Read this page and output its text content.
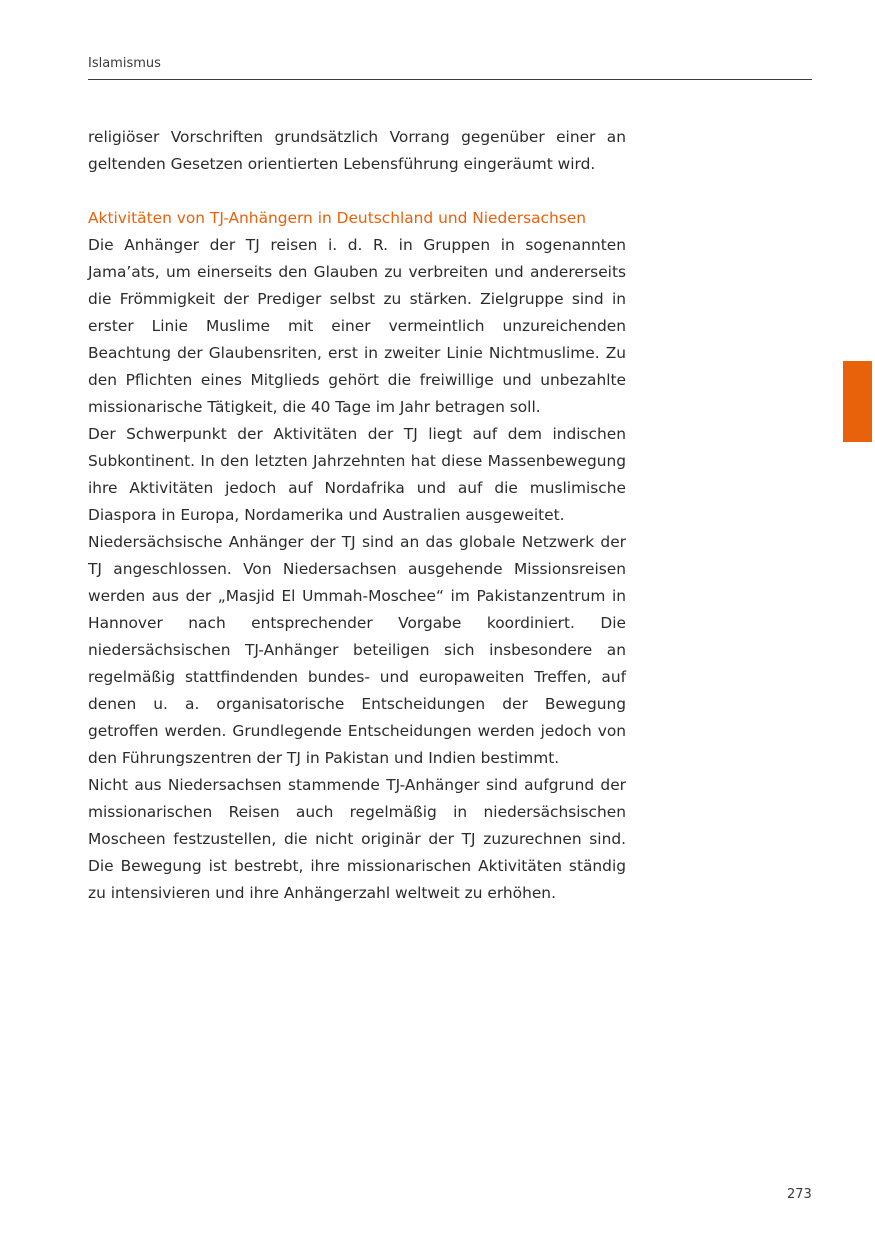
Islamismus

religiöser Vorschriften grundsätzlich Vorrang gegenüber einer an geltenden Gesetzen orientierten Lebensführung eingeräumt wird.

Aktivitäten von TJ-Anhängern in Deutschland und Niedersachsen

Die Anhänger der TJ reisen i. d. R. in Gruppen in sogenannten Jama’ats, um einerseits den Glauben zu verbreiten und andererseits die Frömmigkeit der Prediger selbst zu stärken. Zielgruppe sind in erster Linie Muslime mit einer vermeintlich unzureichenden Beachtung der Glaubensriten, erst in zweiter Linie Nichtmuslime. Zu den Pflichten eines Mitglieds gehört die freiwillige und unbezahlte missionarische Tätigkeit, die 40 Tage im Jahr betragen soll.

Der Schwerpunkt der Aktivitäten der TJ liegt auf dem indischen Subkontinent. In den letzten Jahrzehnten hat diese Massenbewegung ihre Aktivitäten jedoch auf Nordafrika und auf die muslimische Diaspora in Europa, Nordamerika und Australien ausgeweitet.

Niedersächsische Anhänger der TJ sind an das globale Netzwerk der TJ angeschlossen. Von Niedersachsen ausgehende Missionsreisen werden aus der „Masjid El Ummah-Moschee“ im Pakistanzentrum in Hannover nach entsprechender Vorgabe koordiniert. Die niedersächsischen TJ-Anhänger beteiligen sich insbesondere an regelmäßig stattfindenden bundes- und europaweiten Treffen, auf denen u. a. organisatorische Entscheidungen der Bewegung getroffen werden. Grundlegende Entscheidungen werden jedoch von den Führungszentren der TJ in Pakistan und Indien bestimmt.

Nicht aus Niedersachsen stammende TJ-Anhänger sind aufgrund der missionarischen Reisen auch regelmäßig in niedersächsischen Moscheen festzustellen, die nicht originär der TJ zuzurechnen sind. Die Bewegung ist bestrebt, ihre missionarischen Aktivitäten ständig zu intensivieren und ihre Anhängerzahl weltweit zu erhöhen.

273
